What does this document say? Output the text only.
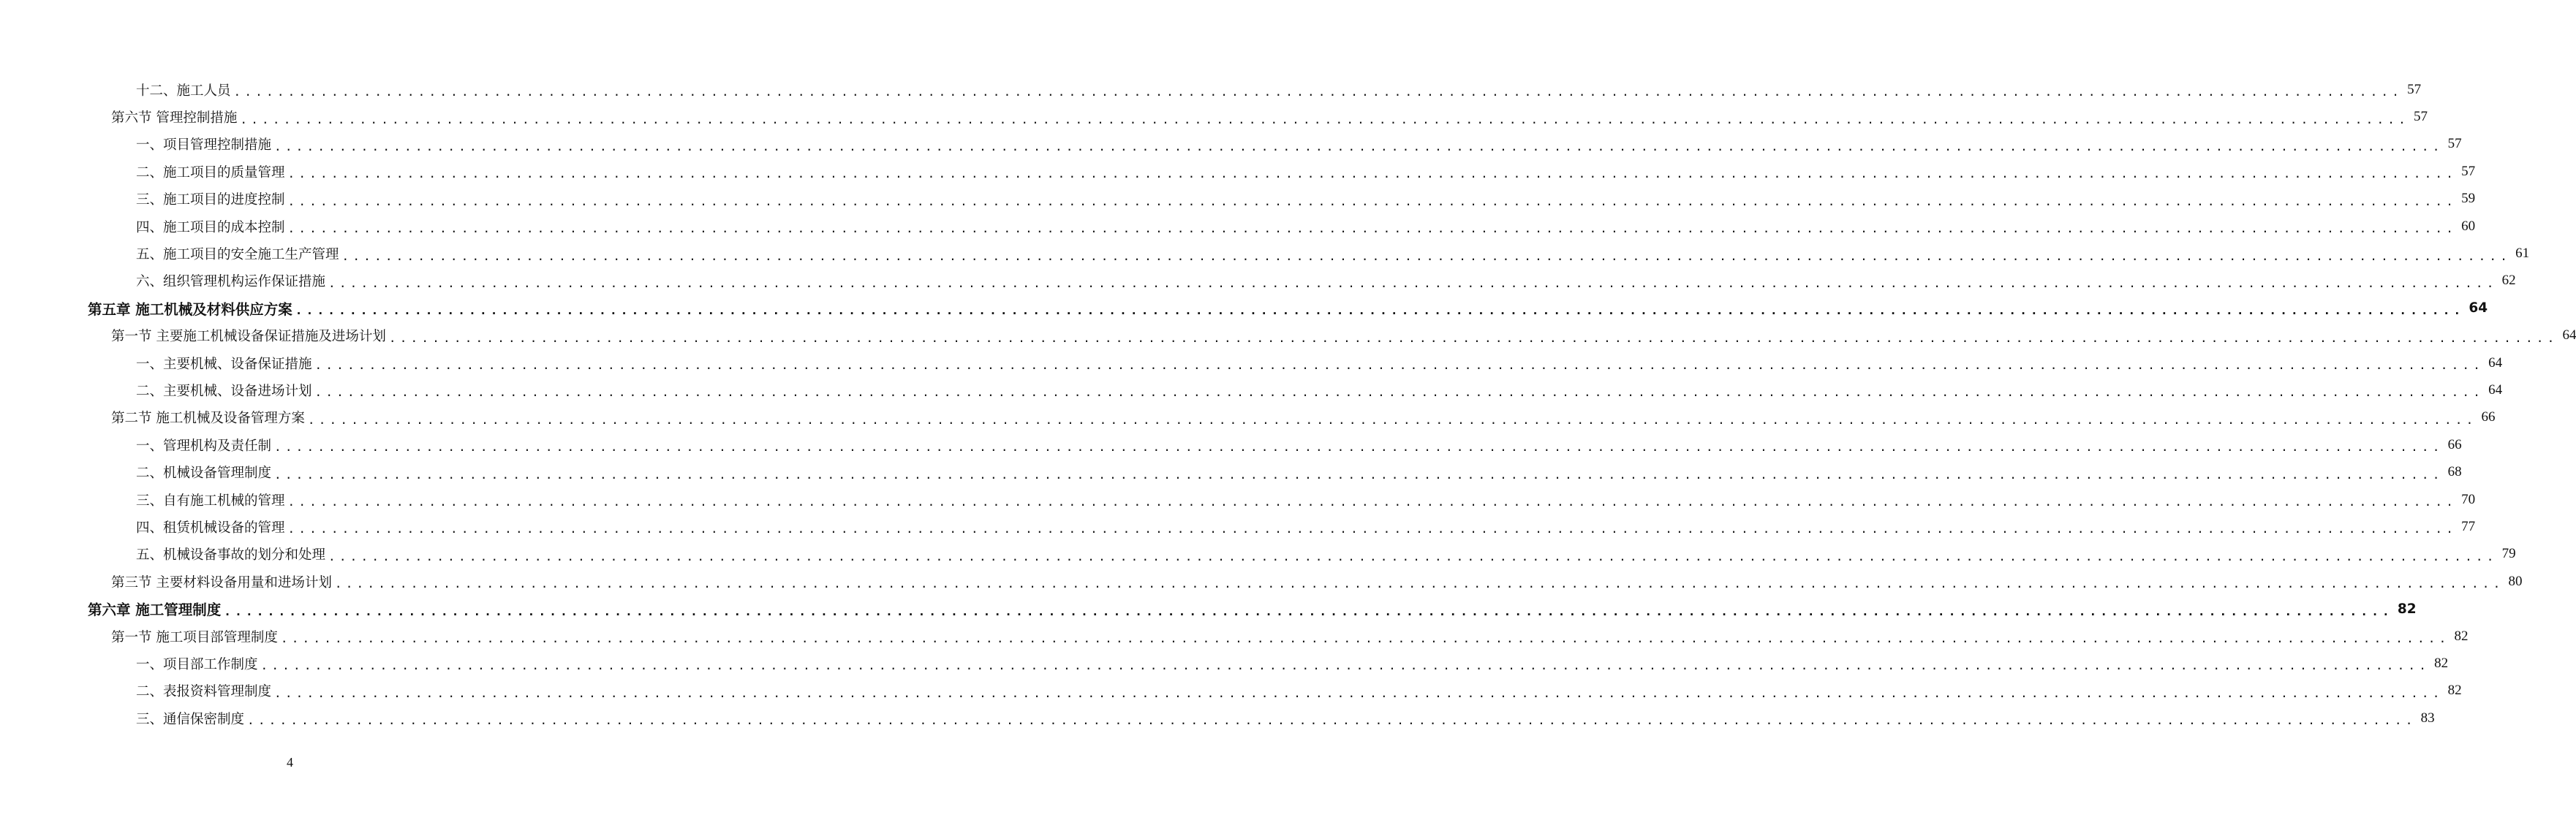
十二、施工人员 ........................................................................................................................................................................................................ 57
第六节 管理控制措施 ........................................................................................................................................................................................................ 57
一、项目管理控制措施 ........................................................................................................................................................................................................ 57
二、施工项目的质量管理 ........................................................................................................................................................................................................ 57
三、施工项目的进度控制 ........................................................................................................................................................................................................ 59
四、施工项目的成本控制 ........................................................................................................................................................................................................ 60
五、施工项目的安全施工生产管理 ........................................................................................................................................................................................................ 61
六、组织管理机构运作保证措施 ........................................................................................................................................................................................................ 62
第五章 施工机械及材料供应方案 ........................................................................................................................................................................................................ 64
第一节 主要施工机械设备保证措施及进场计划 ........................................................................................................................................................................................................ 64
一、主要机械、设备保证措施 ........................................................................................................................................................................................................ 64
二、主要机械、设备进场计划 ........................................................................................................................................................................................................ 64
第二节 施工机械及设备管理方案 ........................................................................................................................................................................................................ 66
一、管理机构及责任制 ........................................................................................................................................................................................................ 66
二、机械设备管理制度 ........................................................................................................................................................................................................ 68
三、自有施工机械的管理 ........................................................................................................................................................................................................ 70
四、租赁机械设备的管理 ........................................................................................................................................................................................................ 77
五、机械设备事故的划分和处理 ........................................................................................................................................................................................................ 79
第三节 主要材料设备用量和进场计划 ........................................................................................................................................................................................................ 80
第六章 施工管理制度 ........................................................................................................................................................................................................ 82
第一节 施工项目部管理制度 ........................................................................................................................................................................................................ 82
一、项目部工作制度 ........................................................................................................................................................................................................ 82
二、表报资料管理制度 ........................................................................................................................................................................................................ 82
三、通信保密制度 ........................................................................................................................................................................................................ 83
4
